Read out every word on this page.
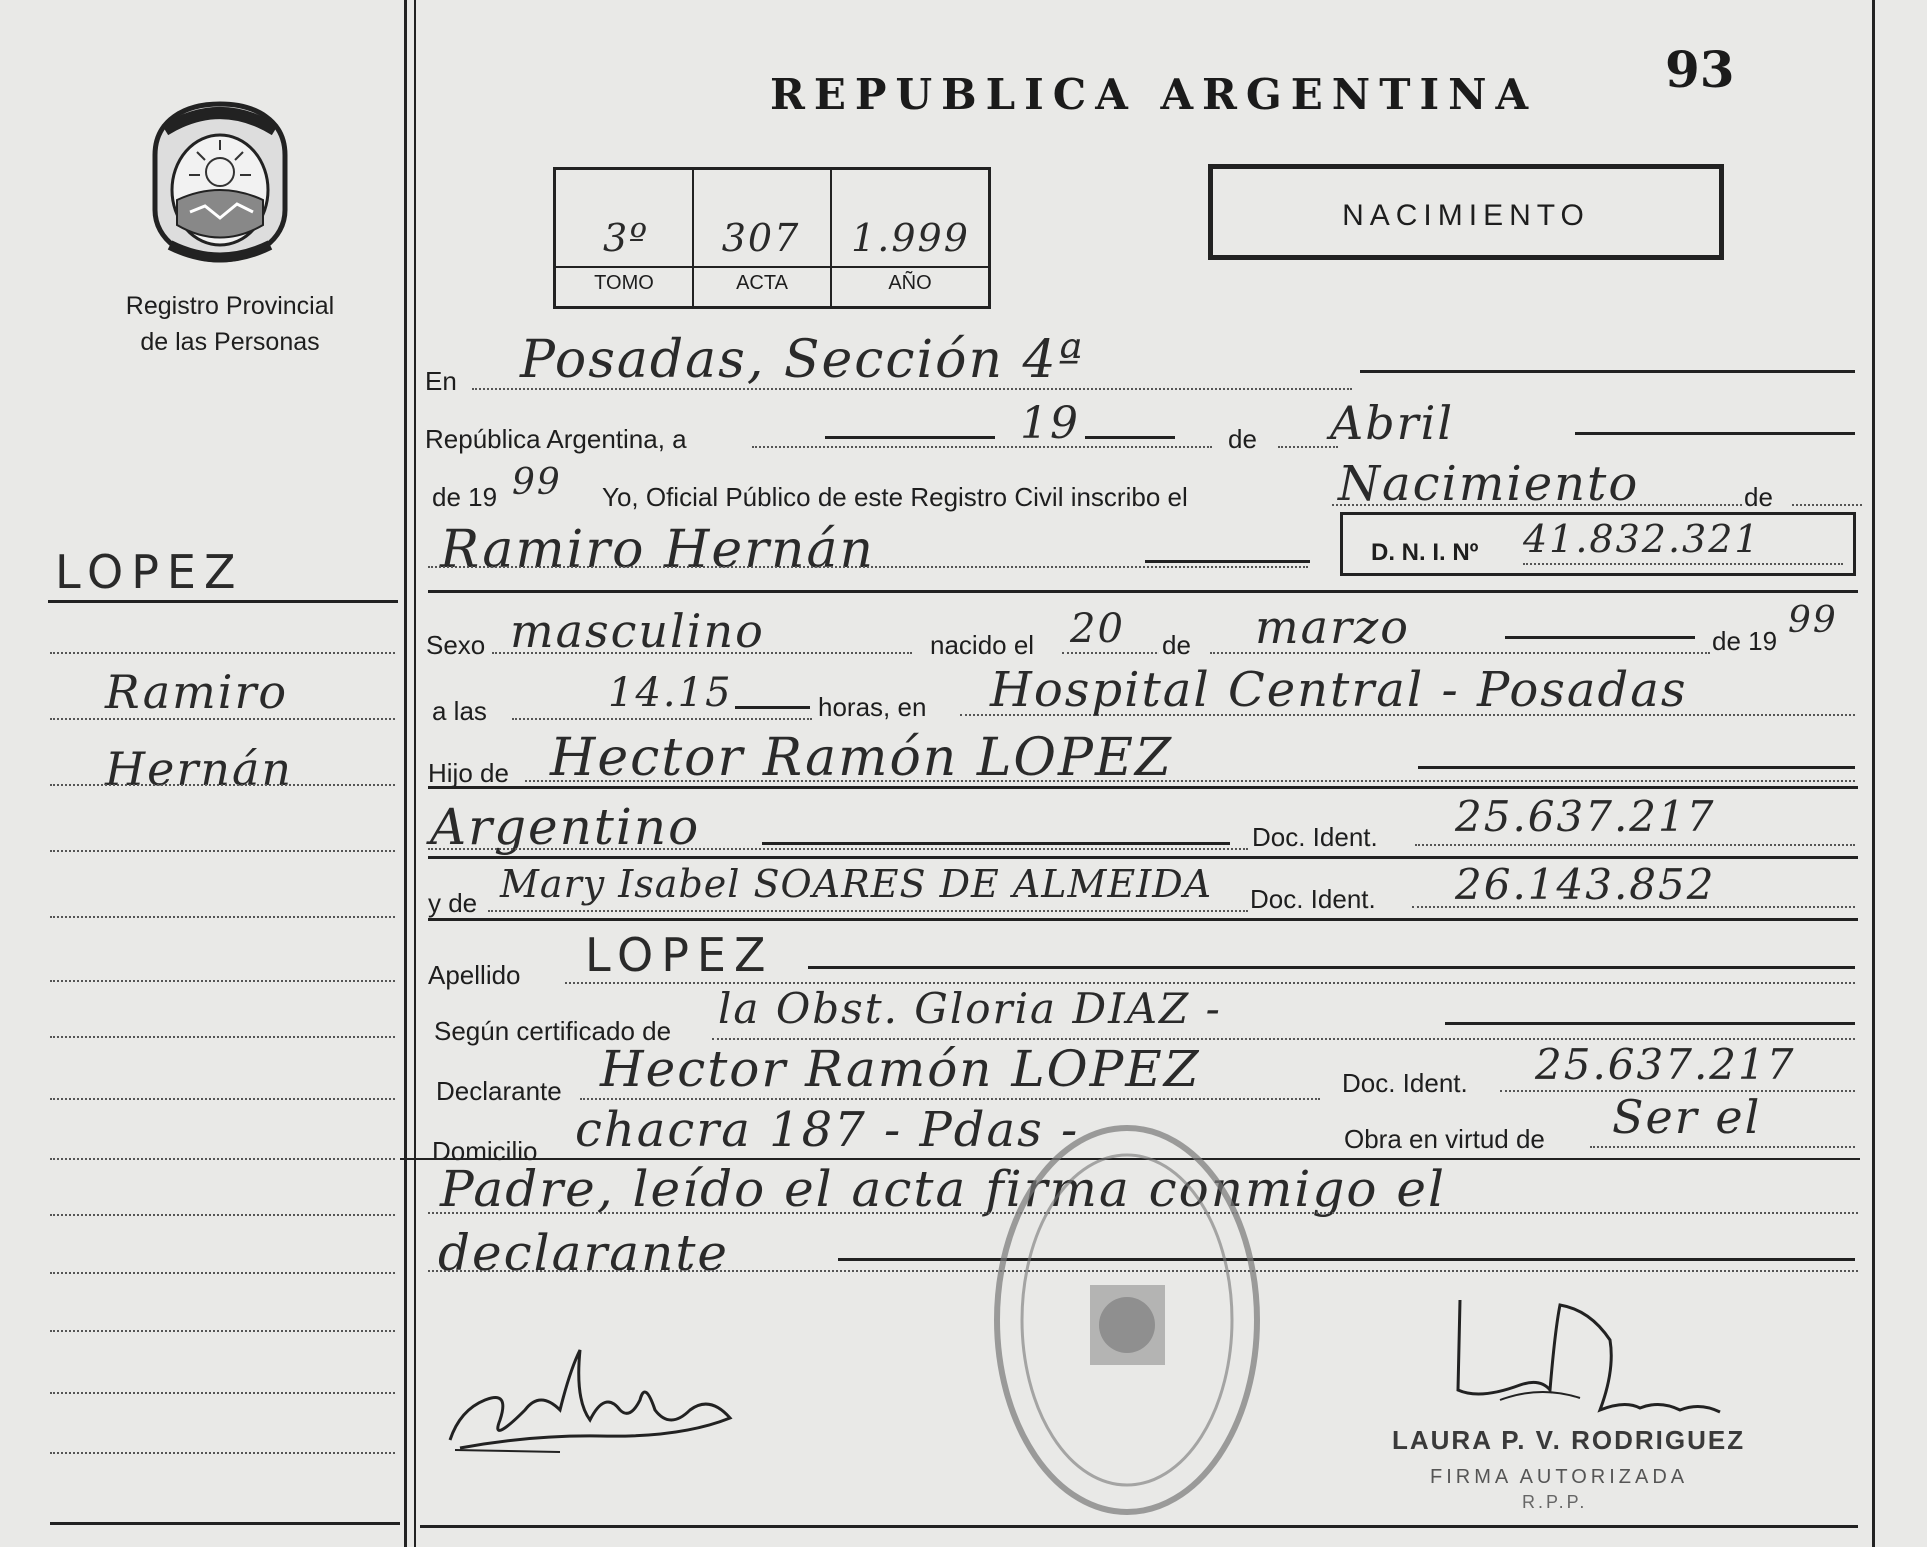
Registro Provincial
de las Personas
REPUBLICA ARGENTINA	93
3º	307	1.999
TOMO	ACTA	AÑO
NACIMIENTO
LOPEZ
Ramiro
Hernán
En Posadas, Sección 4ª
República Argentina, a	19	de Abril
de 19 99 Yo, Oficial Público de este Registro Civil inscribo el	Nacimiento	de
Ramiro Hernán	D. N. I. Nº 41.832.321
Sexo masculino	nacido el 20 de marzo	de 19 99
a las	14.15	horas, en Hospital Central - Posadas
Hijo de Hector Ramón LOPEZ
Argentino	Doc. Ident. 25.637.217
y de Mary Isabel SOARES DE ALMEIDA Doc. Ident. 26.143.852
Apellido LOPEZ
Según certificado de la Obst. Gloria DIAZ -
Declarante Hector Ramón LOPEZ	Doc. Ident. 25.637.217
Domicilio chacra 187 - Pdas -	Obra en virtud de Ser el
Padre, leído el acta firma conmigo el
declarante
LAURA P. V. RODRIGUEZ
FIRMA AUTORIZADA
R.P.P.
